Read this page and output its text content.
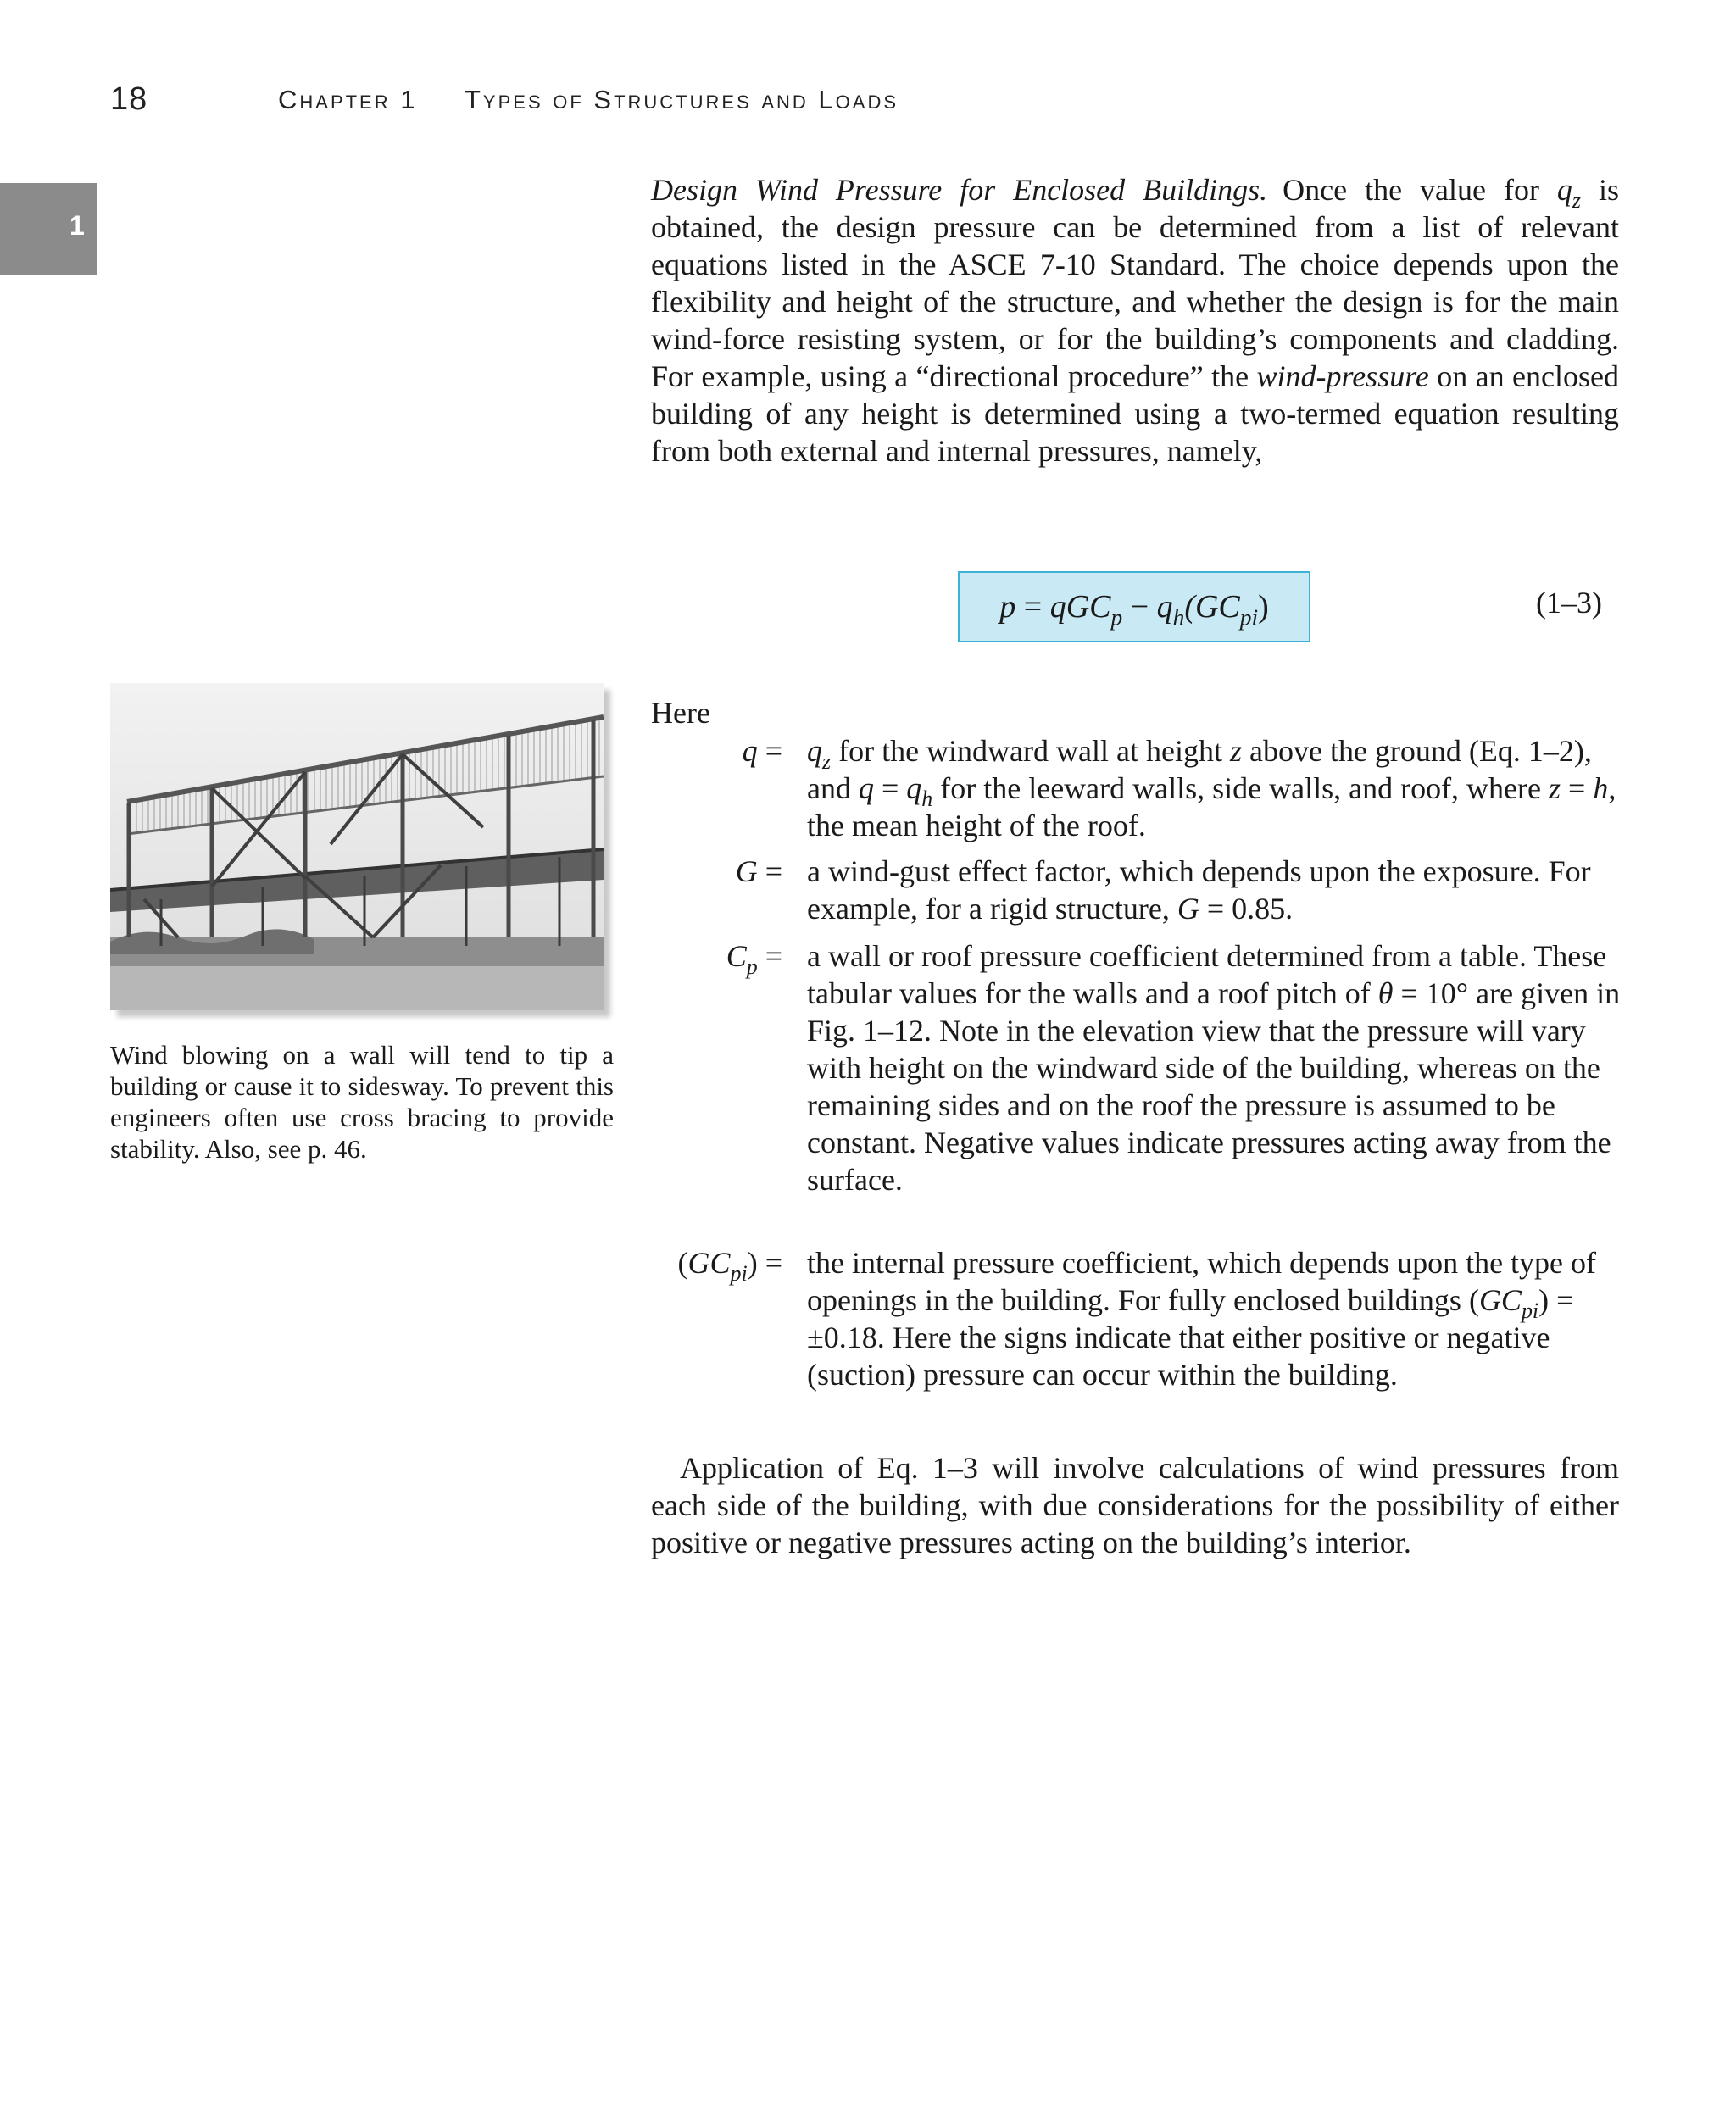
18	Chapter 1 Types of Structures and Loads
1
Wind blowing on a wall will tend to tip a building or cause it to sidesway. To prevent this engineers often use cross bracing to provide stability. Also, see p. 46.
Design Wind Pressure for Enclosed Buildings. Once the value for $q_z$ is obtained, the design pressure can be determined from a list of relevant equations listed in the ASCE 7-10 Standard. The choice depends upon the flexibility and height of the structure, and whether the design is for the main wind-force resisting system, or for the building’s components and cladding. For example, using a “directional procedure” the wind-pressure on an enclosed building of any height is determined using a two-termed equation resulting from both external and internal pressures, namely,
$p = qGC_p - q_h(GC_{pi})$	(1–3)
Here
$q = q_z$ for the windward wall at height z above the ground (Eq. 1–2), and $q = q_h$ for the leeward walls, side walls, and roof, where z = h, the mean height of the roof.
G = a wind-gust effect factor, which depends upon the exposure. For example, for a rigid structure, G = 0.85.
$C_p = a$ wall or roof pressure coefficient determined from a table. These tabular values for the walls and a roof pitch of θ = 10° are given in Fig. 1–12. Note in the elevation view that the pressure will vary with height on the windward side of the building, whereas on the remaining sides and on the roof the pressure is assumed to be constant. Negative values indicate pressures acting away from the surface.
$(GC_{pi})$ = the internal pressure coefficient, which depends upon the type of openings in the building. For fully enclosed buildings $(GC_{pi}) = \pm 0.18$. Here the signs indicate that either positive or negative (suction) pressure can occur within the building.
Application of Eq. 1–3 will involve calculations of wind pressures from each side of the building, with due considerations for the possibility of either positive or negative pressures acting on the building’s interior.
